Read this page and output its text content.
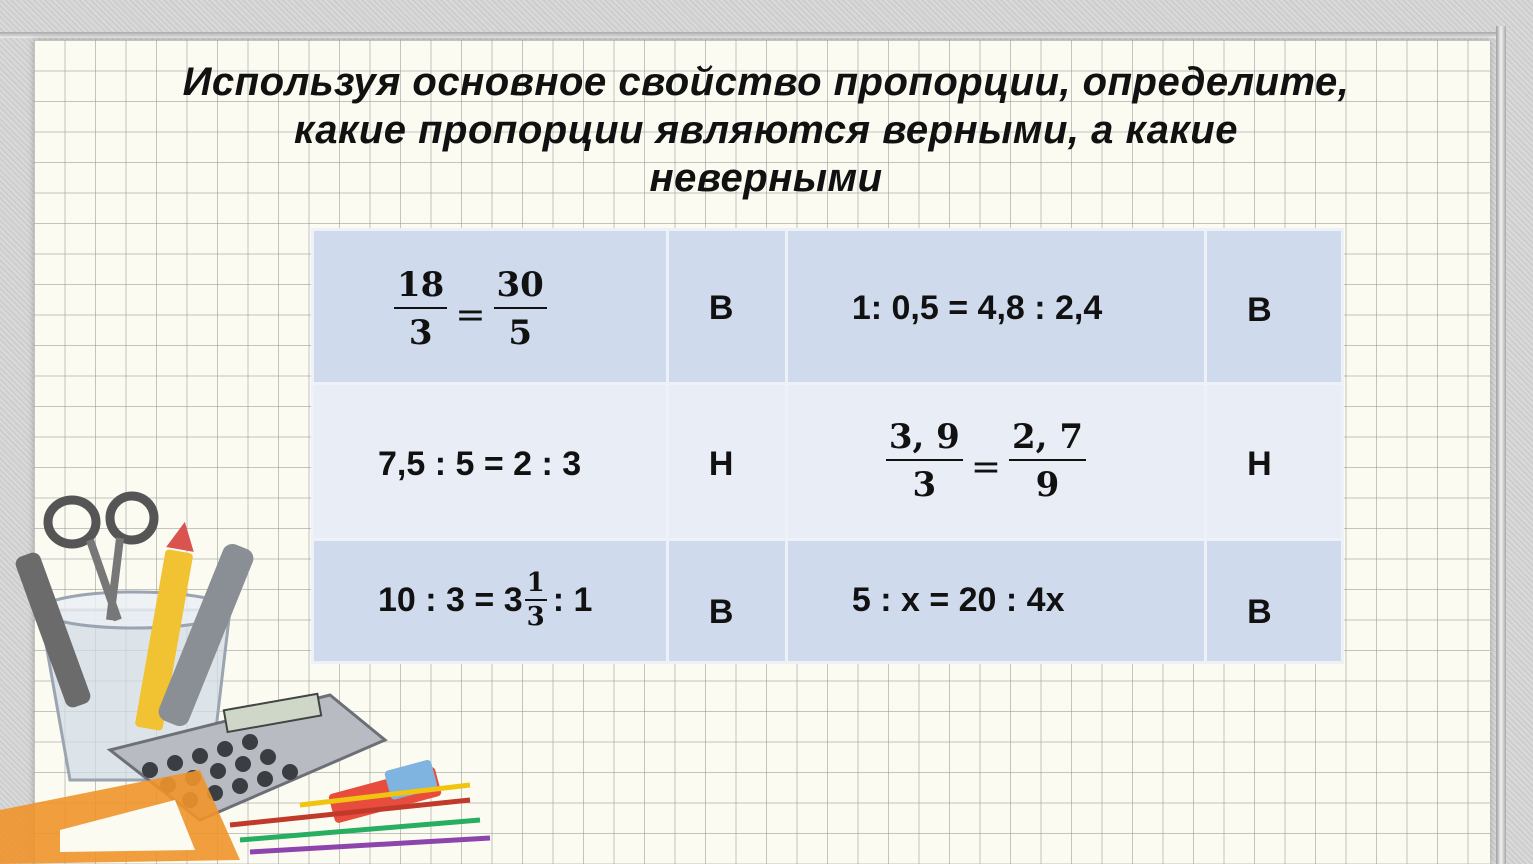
Используя основное свойство пропорции, определите,
какие пропорции являются верными, а какие
неверными
$\frac{18}{3} = \frac{30}{5}$	В	1: 0,5 = 4,8 : 2,4	В

7,5 : 5 = 2 : 3	Н	$\frac{3, 9}{3} = \frac{2, 7}{9}$	Н

10 : $3 = 3 \frac{1}{3}$ : 1	В	5 : x = 20 : 4x	В
